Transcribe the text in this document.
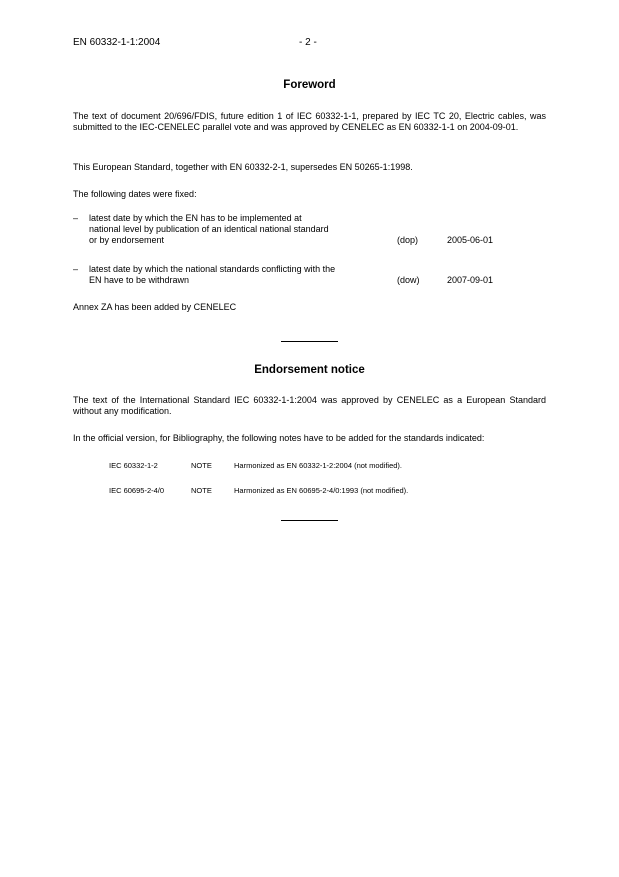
EN 60332-1-1:2004	- 2 -
Foreword
The text of document 20/696/FDIS, future edition 1 of IEC 60332-1-1, prepared by IEC TC 20, Electric cables, was submitted to the IEC-CENELEC parallel vote and was approved by CENELEC as EN 60332-1-1 on 2004-09-01.
This European Standard, together with EN 60332-2-1, supersedes EN 50265-1:1998.
The following dates were fixed:
– latest date by which the EN has to be implemented at national level by publication of an identical national standard or by endorsement	(dop)	2005-06-01
– latest date by which the national standards conflicting with the EN have to be withdrawn	(dow)	2007-09-01
Annex ZA has been added by CENELEC
Endorsement notice
The text of the International Standard IEC 60332-1-1:2004 was approved by CENELEC as a European Standard without any modification.
In the official version, for Bibliography, the following notes have to be added for the standards indicated:
IEC 60332-1-2	NOTE	Harmonized as EN 60332-1-2:2004 (not modified).
IEC 60695-2-4/0	NOTE	Harmonized as EN 60695-2-4/0:1993 (not modified).
